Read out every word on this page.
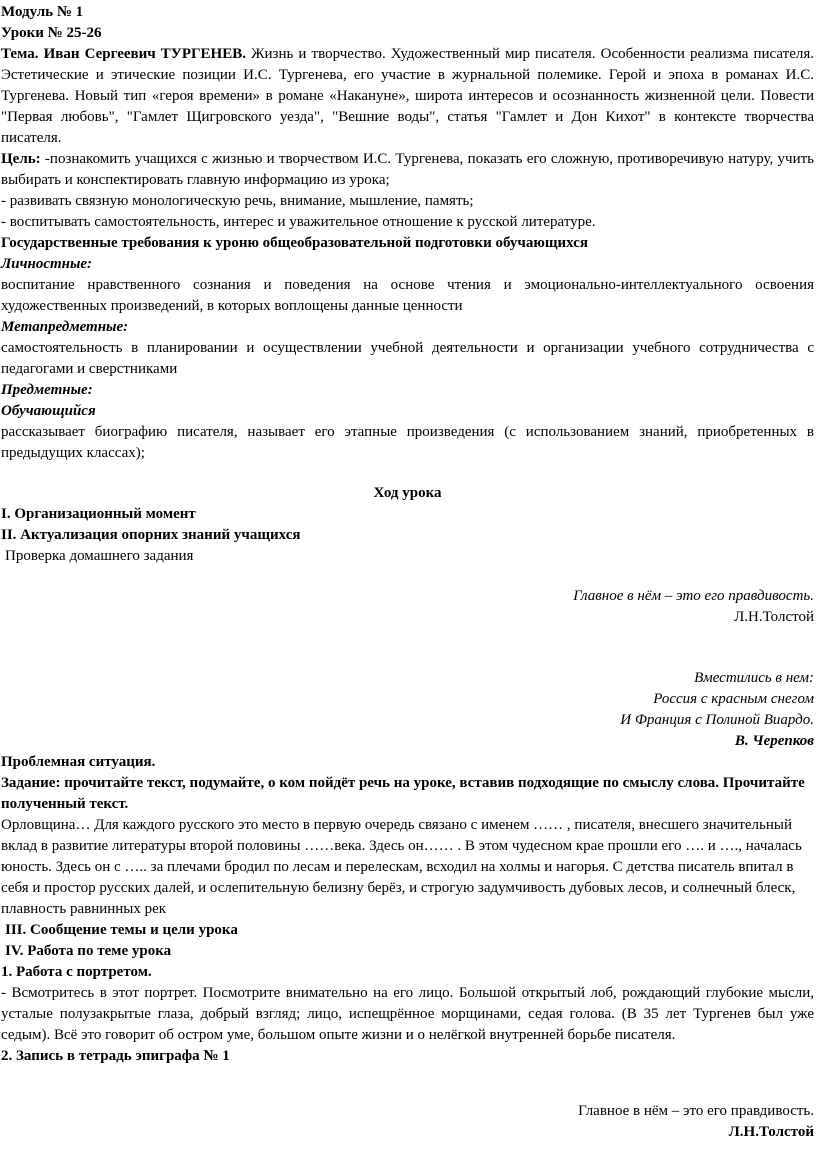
Модуль № 1

Уроки № 25-26

Тема. Иван Сергеевич ТУРГЕНЕВ. Жизнь и творчество. Художественный мир писателя. Особенности реализма писателя. Эстетические и этические позиции И.С. Тургенева, его участие в журнальной полемике. Герой и эпоха в романах И.С. Тургенева. Новый тип «героя времени» в романе «Накануне», широта интересов и осознанность жизненной цели. Повести "Первая любовь", "Гамлет Щигровского уезда", "Вешние воды", статья "Гамлет и Дон Кихот" в контексте творчества писателя.

Цель: -познакомить учащихся с жизнью и творчеством И.С. Тургенева, показать его сложную, противоречивую натуру, учить выбирать и конспектировать главную информацию из урока;

- развивать связную монологическую речь, внимание, мышление, память;

- воспитывать самостоятельность, интерес и уважительное отношение к русской литературе.

Государственные требования к уроню общеобразовательной подготовки обучающихся

Личностные:

воспитание нравственного сознания и поведения на основе чтения и эмоционально-интеллектуального освоения художественных произведений, в которых воплощены данные ценности

Метапредметные:

самостоятельность в планировании и осуществлении учебной деятельности и организации учебного сотрудничества с педагогами и сверстниками

Предметные:

Обучающийся

рассказывает биографию писателя, называет его этапные произведения (с использованием знаний, приобретенных в предыдущих классах);

Ход урока

I. Организационный момент

II. Актуализация опорних знаний учащихся

Проверка домашнего задания

Главное в нём – это его правдивость.

Л.Н.Толстой

Вместились в нем:

Россия с красным снегом

И Франция с Полиной Виардо.

В. Черепков

Проблемная ситуация.

Задание: прочитайте текст, подумайте, о ком пойдёт речь на уроке, вставив подходящие по смыслу слова. Прочитайте полученный текст.

Орловщина… Для каждого русского это место в первую очередь связано с именем …… , писателя, внесшего значительный вклад в развитие литературы второй половины ……века. Здесь он…… . В этом чудесном крае прошли его …. и …., началась юность. Здесь он с ….. за плечами бродил по лесам и перелескам, всходил на холмы и нагорья. С детства писатель впитал в себя и простор русских далей, и ослепительную белизну берёз, и строгую задумчивость дубовых лесов, и солнечный блеск, плавность равнинных рек

III. Сообщение темы и цели урока

IV. Работа по теме урока

1. Работа с портретом.

- Всмотритесь в этот портрет. Посмотрите внимательно на его лицо. Большой открытый лоб, рождающий глубокие мысли, усталые полузакрытые глаза, добрый взгляд; лицо, испещрённое морщинами, седая голова. (В 35 лет Тургенев был уже седым). Всё это говорит об остром уме, большом опыте жизни и о нелёгкой внутренней борьбе писателя.

2. Запись в тетрадь эпиграфа № 1

Главное в нём – это его правдивость.

Л.Н.Толстой
